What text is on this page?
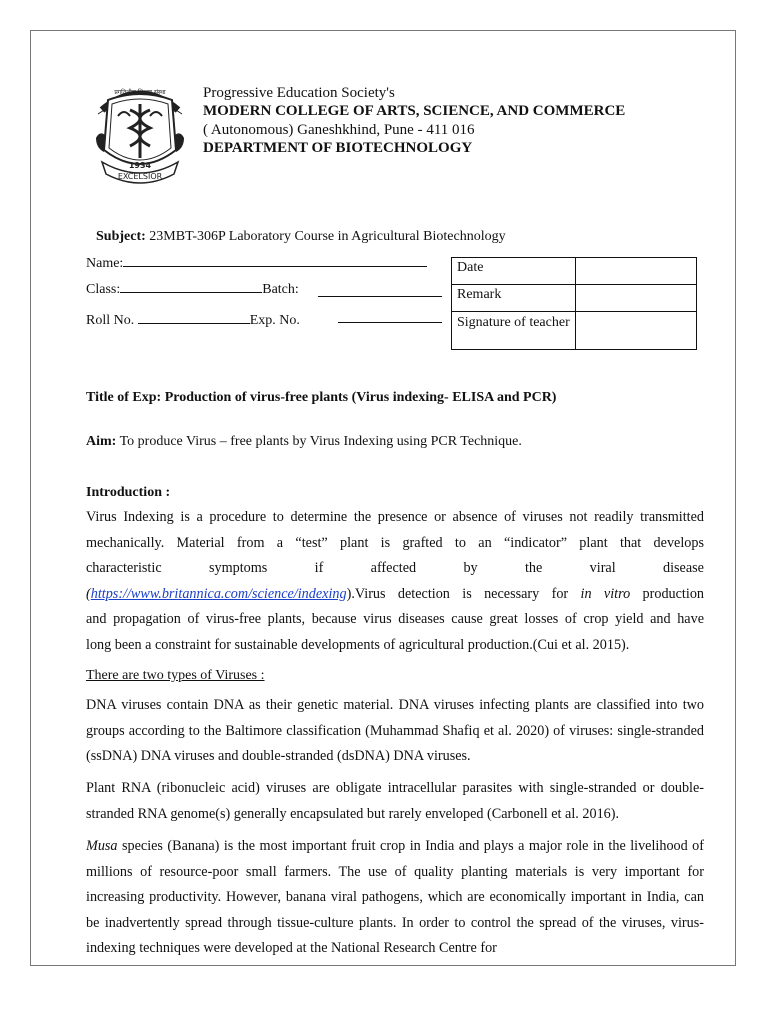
1934
EXCELSIOR
प्रगतिशील शिक्षण संस्था Progressive Education Society's
MODERN COLLEGE OF ARTS, SCIENCE, AND COMMERCE
( Autonomous) Ganeshkhind, Pune - 411 016
DEPARTMENT OF BIOTECHNOLOGY
Subject: 23MBT-306P Laboratory Course in Agricultural Biotechnology
Name:
Class:	Batch:
Roll No.	Exp. No.
Date	
Remark	
Signature of teacher	
Title of Exp: Production of virus-free plants (Virus indexing- ELISA and PCR)
Aim: To produce Virus – free plants by Virus Indexing using PCR Technique.
Introduction :
Virus Indexing is a procedure to determine the presence or absence of viruses not readily transmitted
mechanically. Material from a “test” plant is grafted to an “indicator” plant that develops
characteristic	symptoms	if	affected	by	the	viral	disease
(https://www.britannica.com/science/indexing).Virus detection is necessary for in vitro production
and propagation of virus-free plants, because virus diseases cause great losses of crop yield and have
long been a constraint for sustainable developments of agricultural production.(Cui et al. 2015).
There are two types of Viruses :
DNA viruses contain DNA as their genetic material. DNA viruses infecting plants are classified into two groups according to the Baltimore classification (Muhammad Shafiq et al. 2020) of viruses: single-stranded (ssDNA) DNA viruses and double-stranded (dsDNA) DNA viruses.
Plant RNA (ribonucleic acid) viruses are obligate intracellular parasites with single-stranded or double-stranded RNA genome(s) generally encapsulated but rarely enveloped (Carbonell et al. 2016).
Musa species (Banana) is the most important fruit crop in India and plays a major role in the livelihood of millions of resource-poor small farmers. The use of quality planting materials is very important for increasing productivity. However, banana viral pathogens, which are economically important in India, can be inadvertently spread through tissue-culture plants. In order to control the spread of the viruses, virus-indexing techniques were developed at the National Research Centre for
